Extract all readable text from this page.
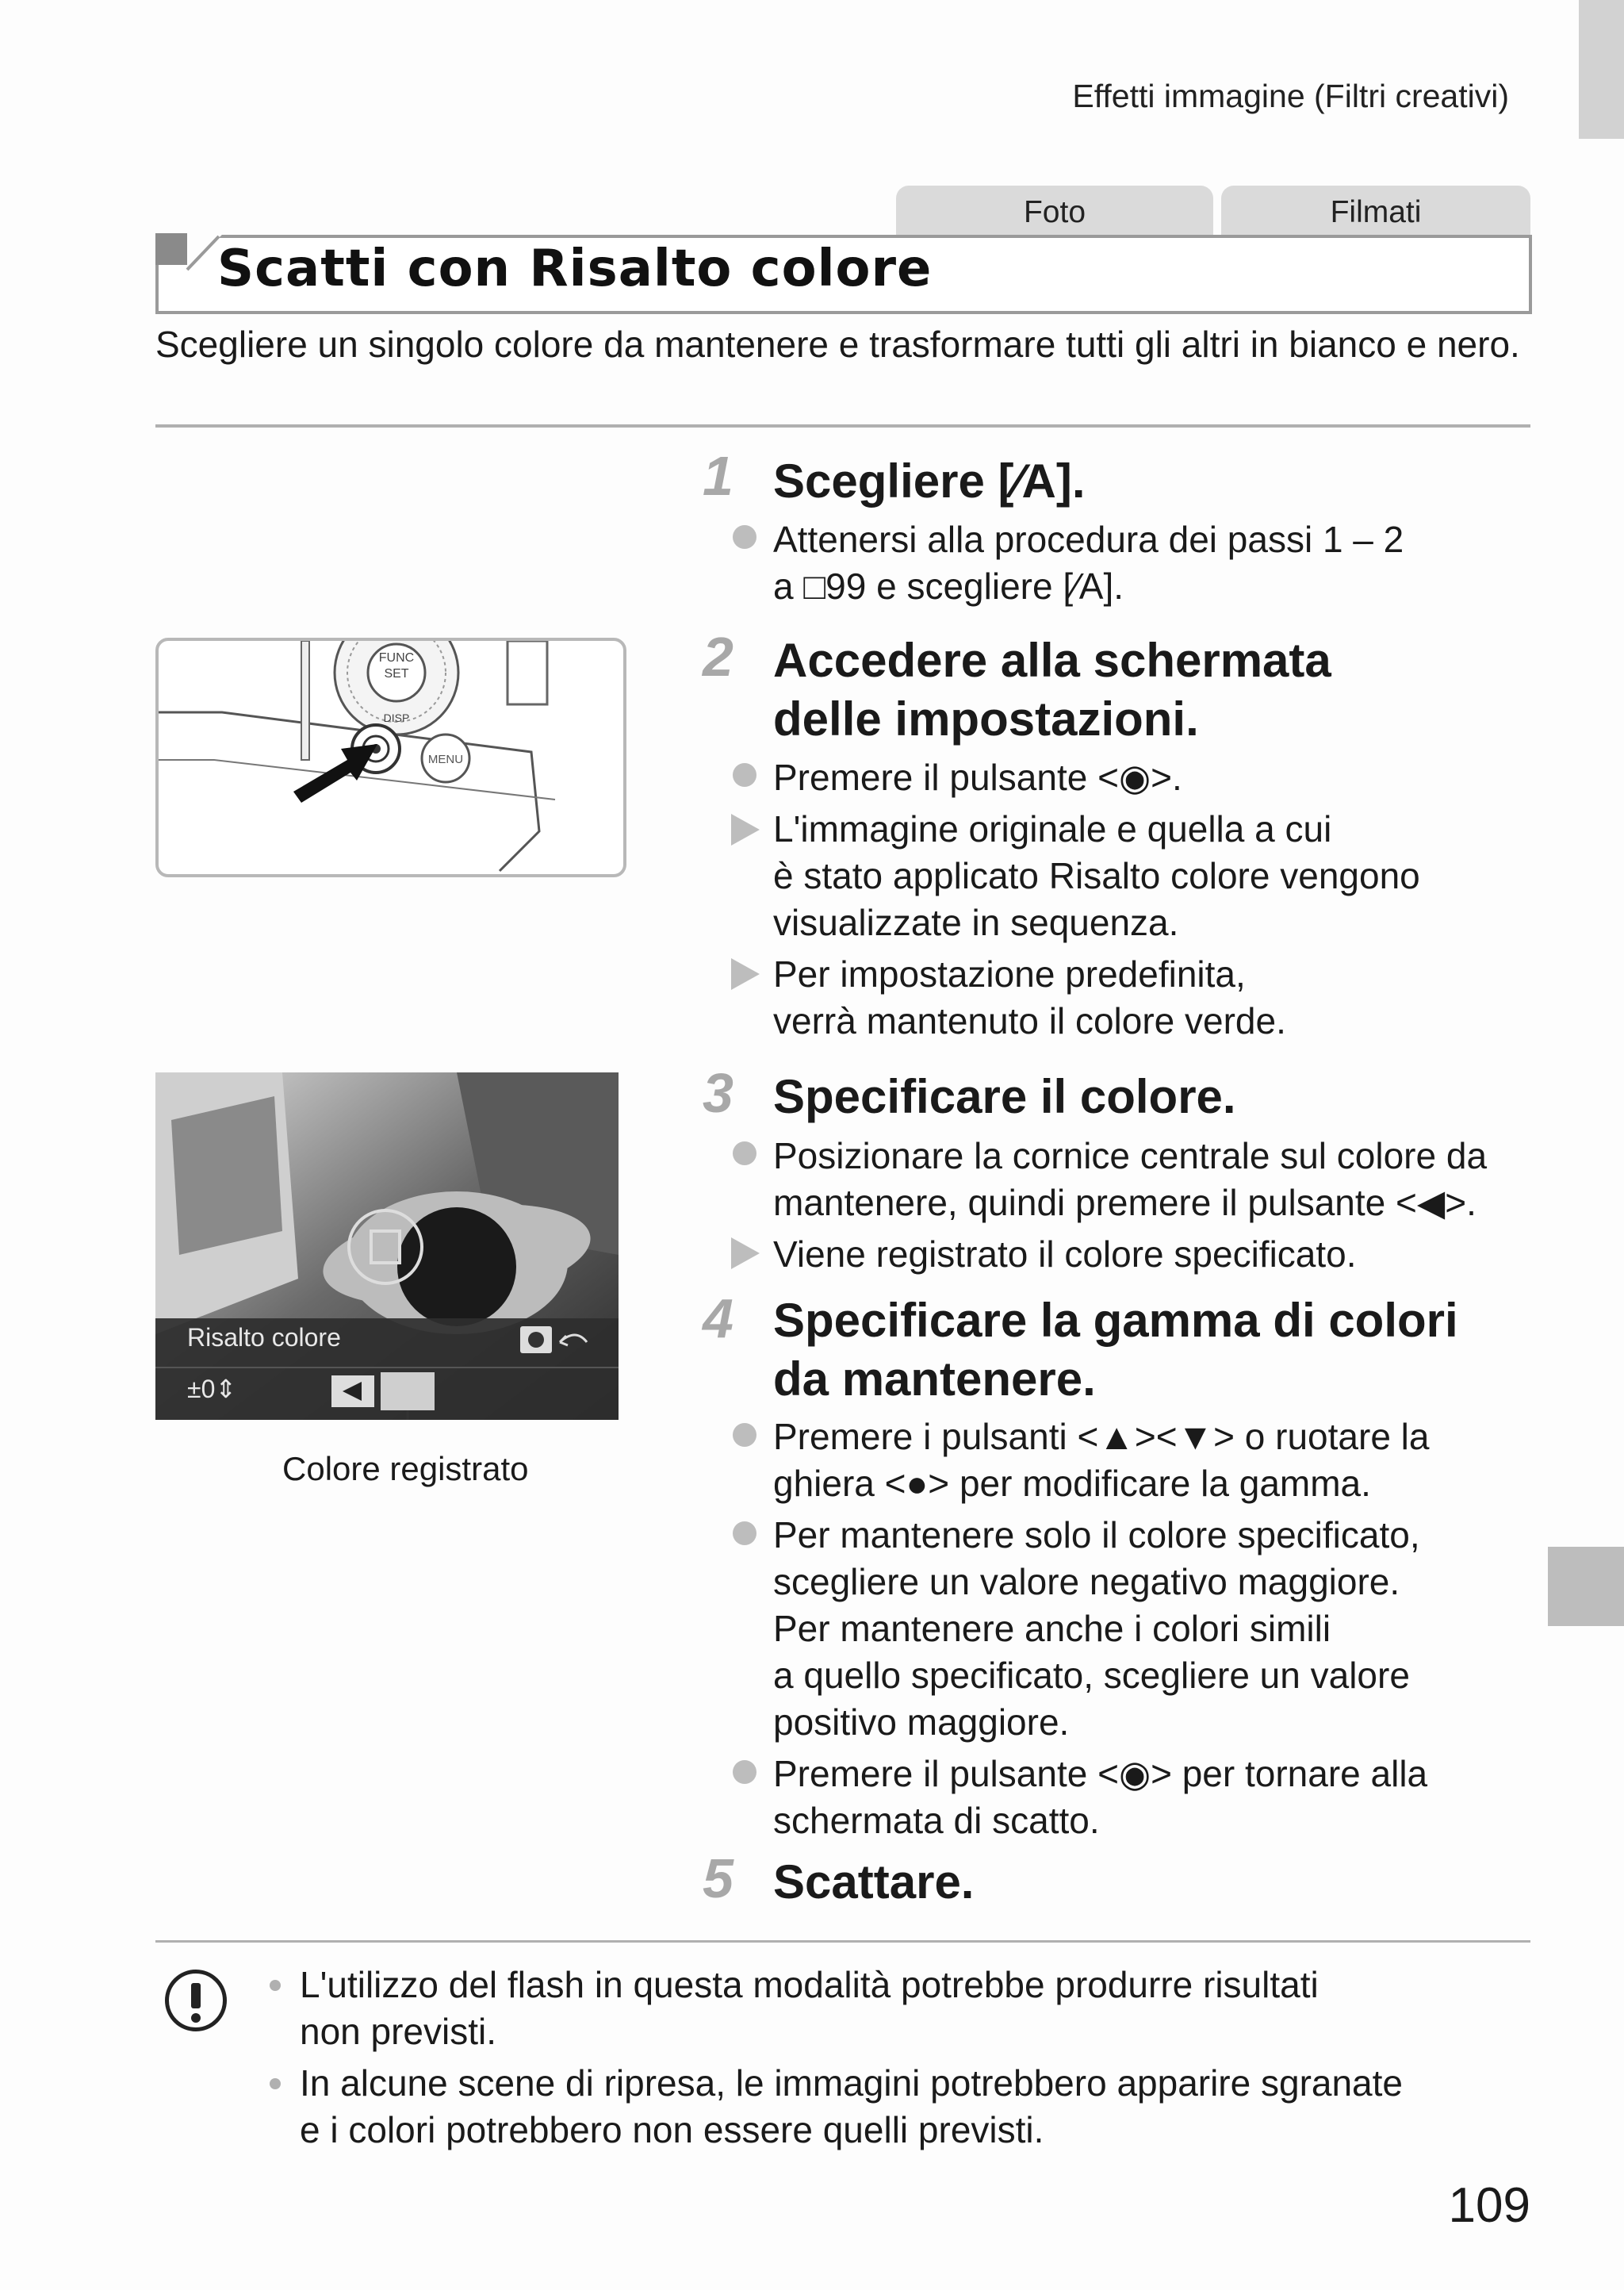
Effetti immagine (Filtri creativi)
Foto	Filmati
Scatti con Risalto colore
Scegliere un singolo colore da mantenere e trasformare tutti gli altri in bianco e nero.
FUNC
SET
DISP
MENU
Risalto colore
±0⇕
Colore registrato
1 Scegliere [⁄A].
Attenersi alla procedura dei passi 1 – 2
a □99 e scegliere [⁄A].
2 Accedere alla schermata
delle impostazioni.
Premere il pulsante <◉>.
L'immagine originale e quella a cui
è stato applicato Risalto colore vengono
visualizzate in sequenza.
Per impostazione predefinita,
verrà mantenuto il colore verde.
3 Specificare il colore.
Posizionare la cornice centrale sul colore da
mantenere, quindi premere il pulsante <◀>.
Viene registrato il colore specificato.
4 Specificare la gamma di colori
da mantenere.
Premere i pulsanti <▲><▼> o ruotare la
ghiera <●> per modificare la gamma.
Per mantenere solo il colore specificato,
scegliere un valore negativo maggiore.
Per mantenere anche i colori simili
a quello specificato, scegliere un valore
positivo maggiore.
Premere il pulsante <◉> per tornare alla
schermata di scatto.
5 Scattare.
L'utilizzo del flash in questa modalità potrebbe produrre risultati
non previsti.
In alcune scene di ripresa, le immagini potrebbero apparire sgranate
e i colori potrebbero non essere quelli previsti.
109
